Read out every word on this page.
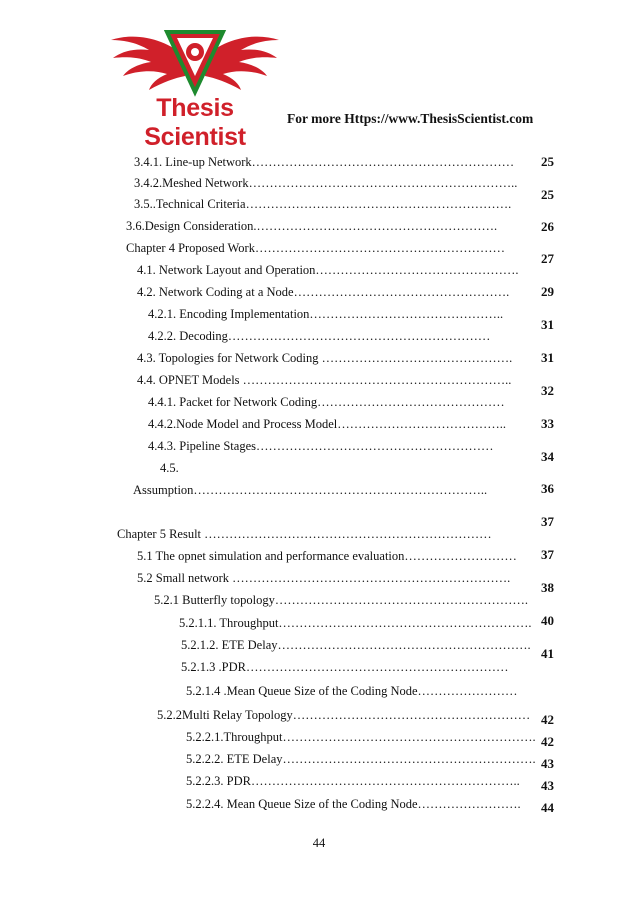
Thesis Scientist
For more Https://www.ThesisScientist.com
3.4.1. Line-up Network………………………………………………………
3.4.2.Meshed Network………………………………………………………..
3.5..Technical Criteria……………………………………………………….
3.6.Design Consideration.………………………………………………….
Chapter 4 Proposed Work……………………………………………………
4.1. Network Layout and Operation………………………………………….
4.2. Network Coding at a Node…………………………………………….
4.2.1. Encoding Implementation………………………………………..
4.2.2. Decoding………………………………………………………
4.3. Topologies for Network Coding ……………………………………….
4.4. OPNET Models ………………………………………………………..
4.4.1. Packet for Network Coding………………………………………
4.4.2.Node Model and Process Model…………………………………..
4.4.3. Pipeline Stages…………………………………………………
4.5.
Assumption……………………………………………………………..
Chapter 5 Result ……………………………………………………………
5.1 The opnet simulation and performance evaluation………………………
5.2 Small network ………………………………………………………….
5.2.1 Butterfly topology…………………………………………………….
5.2.1.1. Throughput…………………………………………………….
5.2.1.2. ETE Delay…………………………………………………….
5.2.1.3 .PDR………………………………………………………
5.2.1.4 .Mean Queue Size of the Coding Node……………………
5.2.2Multi Relay Topology…………………………………………………
5.2.2.1.Throughput…………………………………………………….
5.2.2.2. ETE Delay…………………………………………………….
5.2.2.3. PDR………………………………………………………..
5.2.2.4. Mean Queue Size of the Coding Node…………………….
25
25
26
27
29
31
31
32
33
34
36
37
37
38
40
41
42
42
43
43
44
44
